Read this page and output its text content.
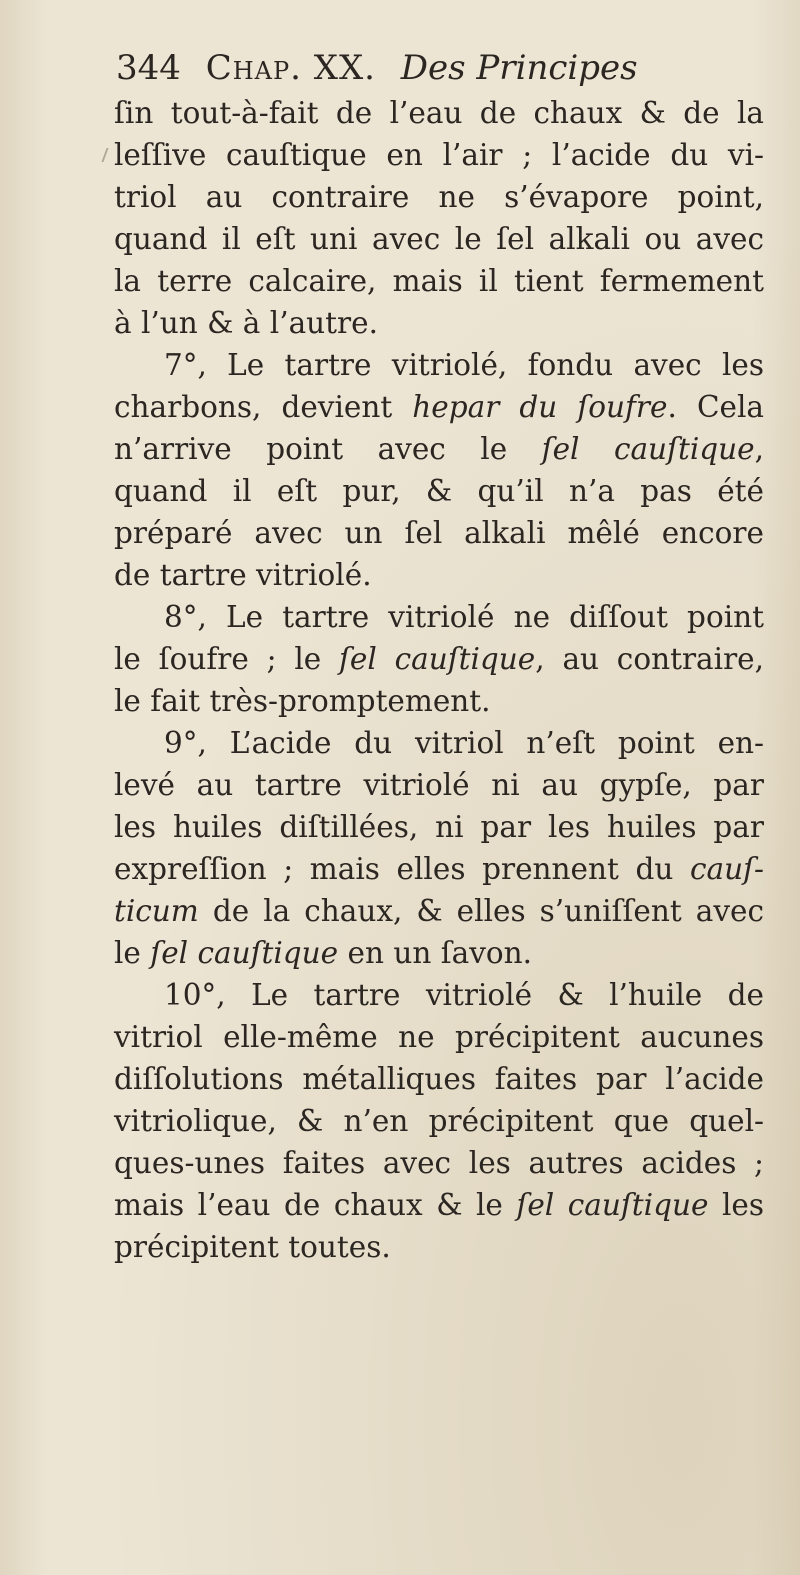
344 Chap. XX. Des Principes
ſin tout-à-fait de l’eau de chaux & de la
leſſive cauſtique en l’air ; l’acide du vi-
triol au contraire ne s’évapore point,
quand il eſt uni avec le ſel alkali ou avec
la terre calcaire, mais il tient fermement
à l’un & à l’autre.
7°, Le tartre vitriolé, fondu avec les
charbons, devient hepar du ſoufre. Cela
n’arrive point avec le ſel cauſtique,
quand il eſt pur, & qu’il n’a pas été
préparé avec un ſel alkali mêlé encore
de tartre vitriolé.
8°, Le tartre vitriolé ne diſſout point
le ſoufre ; le ſel cauſtique, au contraire,
le fait très-promptement.
9°, L’acide du vitriol n’eſt point en-
levé au tartre vitriolé ni au gypſe, par
les huiles diſtillées, ni par les huiles par
expreſſion ; mais elles prennent du cauſ-
ticum de la chaux, & elles s’uniſſent avec
le ſel cauſtique en un ſavon.
10°, Le tartre vitriolé & l’huile de
vitriol elle-même ne précipitent aucunes
diſſolutions métalliques faites par l’acide
vitriolique, & n’en précipitent que quel-
ques-unes faites avec les autres acides ;
mais l’eau de chaux & le ſel cauſtique les
précipitent toutes.
